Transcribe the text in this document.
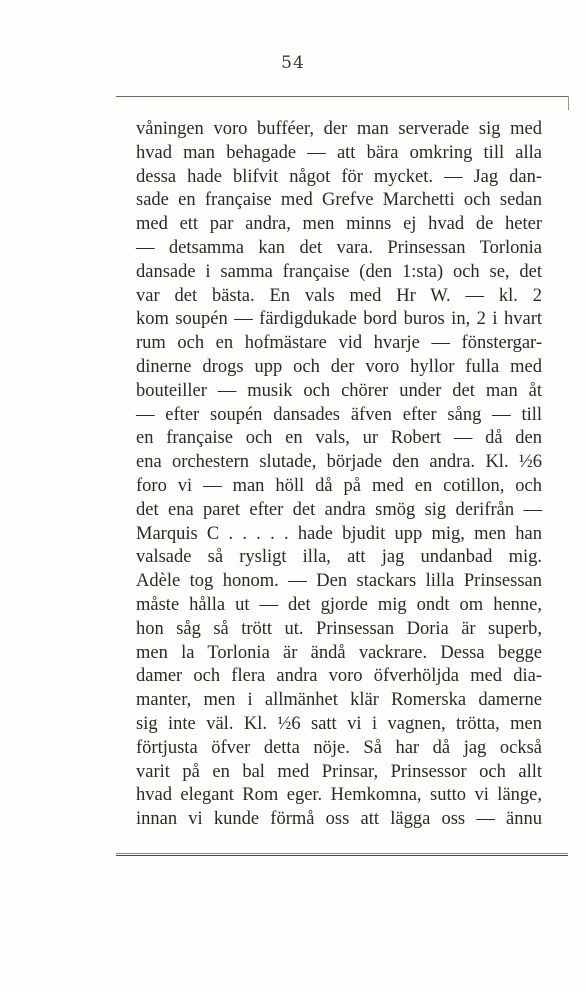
54
våningen voro bufféer, der man serverade sig med
hvad man behagade — att bära omkring till alla
dessa hade blifvit något för mycket. — Jag dan-
sade en française med Grefve Marchetti och sedan
med ett par andra, men minns ej hvad de heter
— detsamma kan det vara. Prinsessan Torlonia
dansade i samma française (den 1:sta) och se, det
var det bästa. En vals med Hr W. — kl. 2
kom soupén — färdigdukade bord buros in, 2 i hvart
rum och en hofmästare vid hvarje — fönstergar-
dinerne drogs upp och der voro hyllor fulla med
bouteiller — musik och chörer under det man åt
— efter soupén dansades äfven efter sång — till
en française och en vals, ur Robert — då den
ena orchestern slutade, började den andra. Kl. ½6
foro vi — man höll då på med en cotillon, och
det ena paret efter det andra smög sig derifrån —
Marquis C . . . . . hade bjudit upp mig, men han
valsade så rysligt illa, att jag undanbad mig.
Adèle tog honom. — Den stackars lilla Prinsessan
måste hålla ut — det gjorde mig ondt om henne,
hon såg så trött ut. Prinsessan Doria är superb,
men la Torlonia är ändå vackrare. Dessa begge
damer och flera andra voro öfverhöljda med dia-
manter, men i allmänhet klär Romerska damerne
sig inte väl. Kl. ½6 satt vi i vagnen, trötta, men
förtjusta öfver detta nöje. Så har då jag också
varit på en bal med Prinsar, Prinsessor och allt
hvad elegant Rom eger. Hemkomna, sutto vi länge,
innan vi kunde förmå oss att lägga oss — ännu
